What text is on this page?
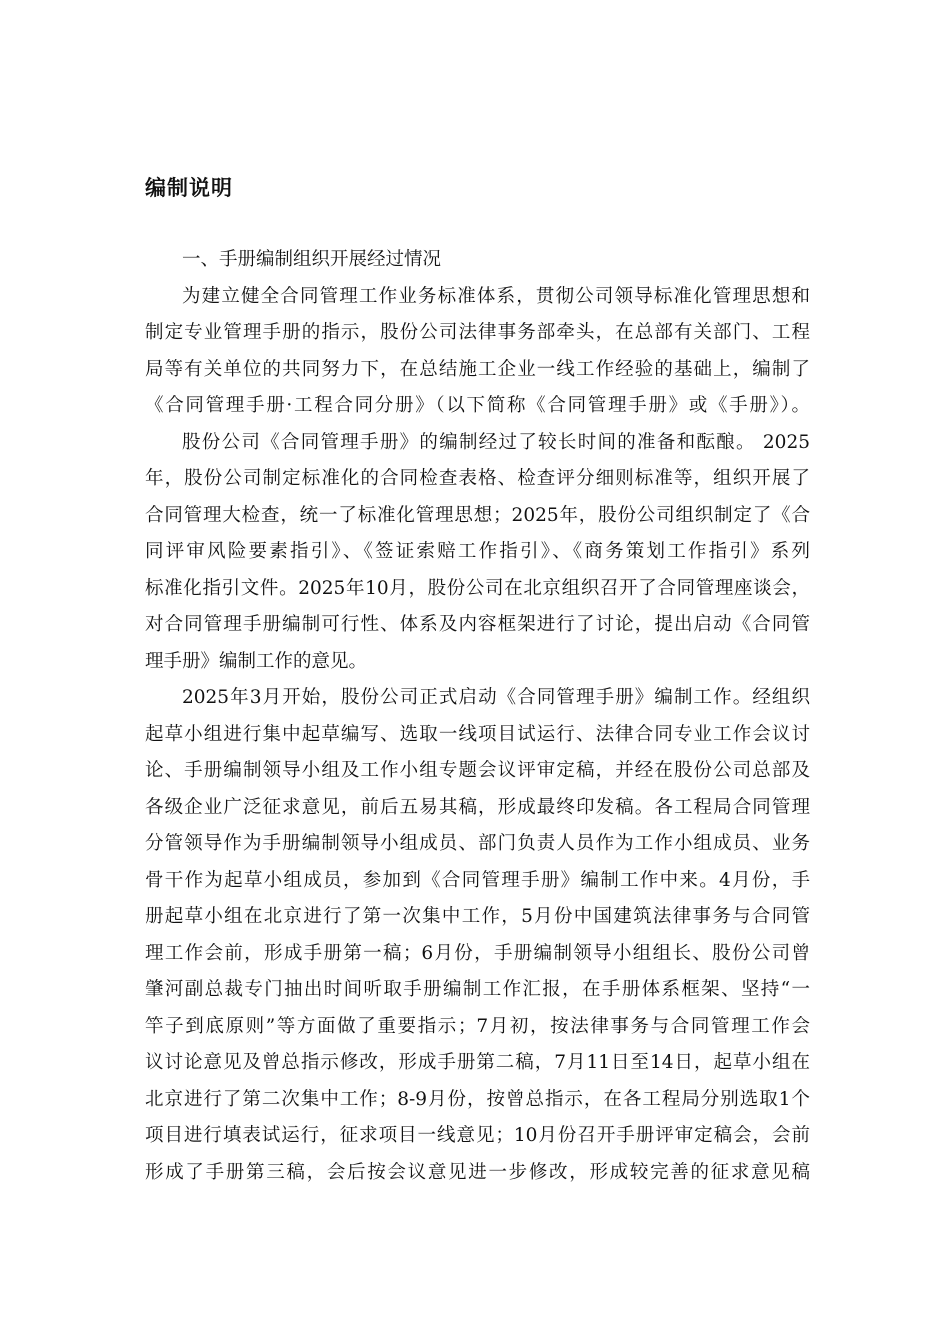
编制说明
一、手册编制组织开展经过情况
为建立健全合同管理工作业务标准体系，贯彻公司领导标准化管理思想和
制定专业管理手册的指示，股份公司法律事务部牵头，在总部有关部门、工程
局等有关单位的共同努力下，在总结施工企业一线工作经验的基础上，编制了
《合同管理手册·工程合同分册》（以下简称《合同管理手册》或《手册》）。
股份公司《合同管理手册》的编制经过了较长时间的准备和酝酿。 2025
年，股份公司制定标准化的合同检查表格、检查评分细则标准等，组织开展了
合同管理大检查，统一了标准化管理思想；2025年，股份公司组织制定了《合
同评审风险要素指引》、《签证索赔工作指引》、《商务策划工作指引》系列
标准化指引文件。2025年10月，股份公司在北京组织召开了合同管理座谈会，
对合同管理手册编制可行性、体系及内容框架进行了讨论，提出启动《合同管
理手册》编制工作的意见。
2025年3月开始，股份公司正式启动《合同管理手册》编制工作。经组织
起草小组进行集中起草编写、选取一线项目试运行、法律合同专业工作会议讨
论、手册编制领导小组及工作小组专题会议评审定稿，并经在股份公司总部及
各级企业广泛征求意见，前后五易其稿，形成最终印发稿。各工程局合同管理
分管领导作为手册编制领导小组成员、部门负责人员作为工作小组成员、业务
骨干作为起草小组成员，参加到《合同管理手册》编制工作中来。4月份，手
册起草小组在北京进行了第一次集中工作，5月份中国建筑法律事务与合同管
理工作会前，形成手册第一稿；6月份，手册编制领导小组组长、股份公司曾
肇河副总裁专门抽出时间听取手册编制工作汇报，在手册体系框架、坚持“一
竿子到底原则”等方面做了重要指示；7月初，按法律事务与合同管理工作会
议讨论意见及曾总指示修改，形成手册第二稿，7月11日至14日，起草小组在
北京进行了第二次集中工作；8-9月份，按曾总指示，在各工程局分别选取1个
项目进行填表试运行，征求项目一线意见；10月份召开手册评审定稿会，会前
形成了手册第三稿，会后按会议意见进一步修改，形成较完善的征求意见稿
